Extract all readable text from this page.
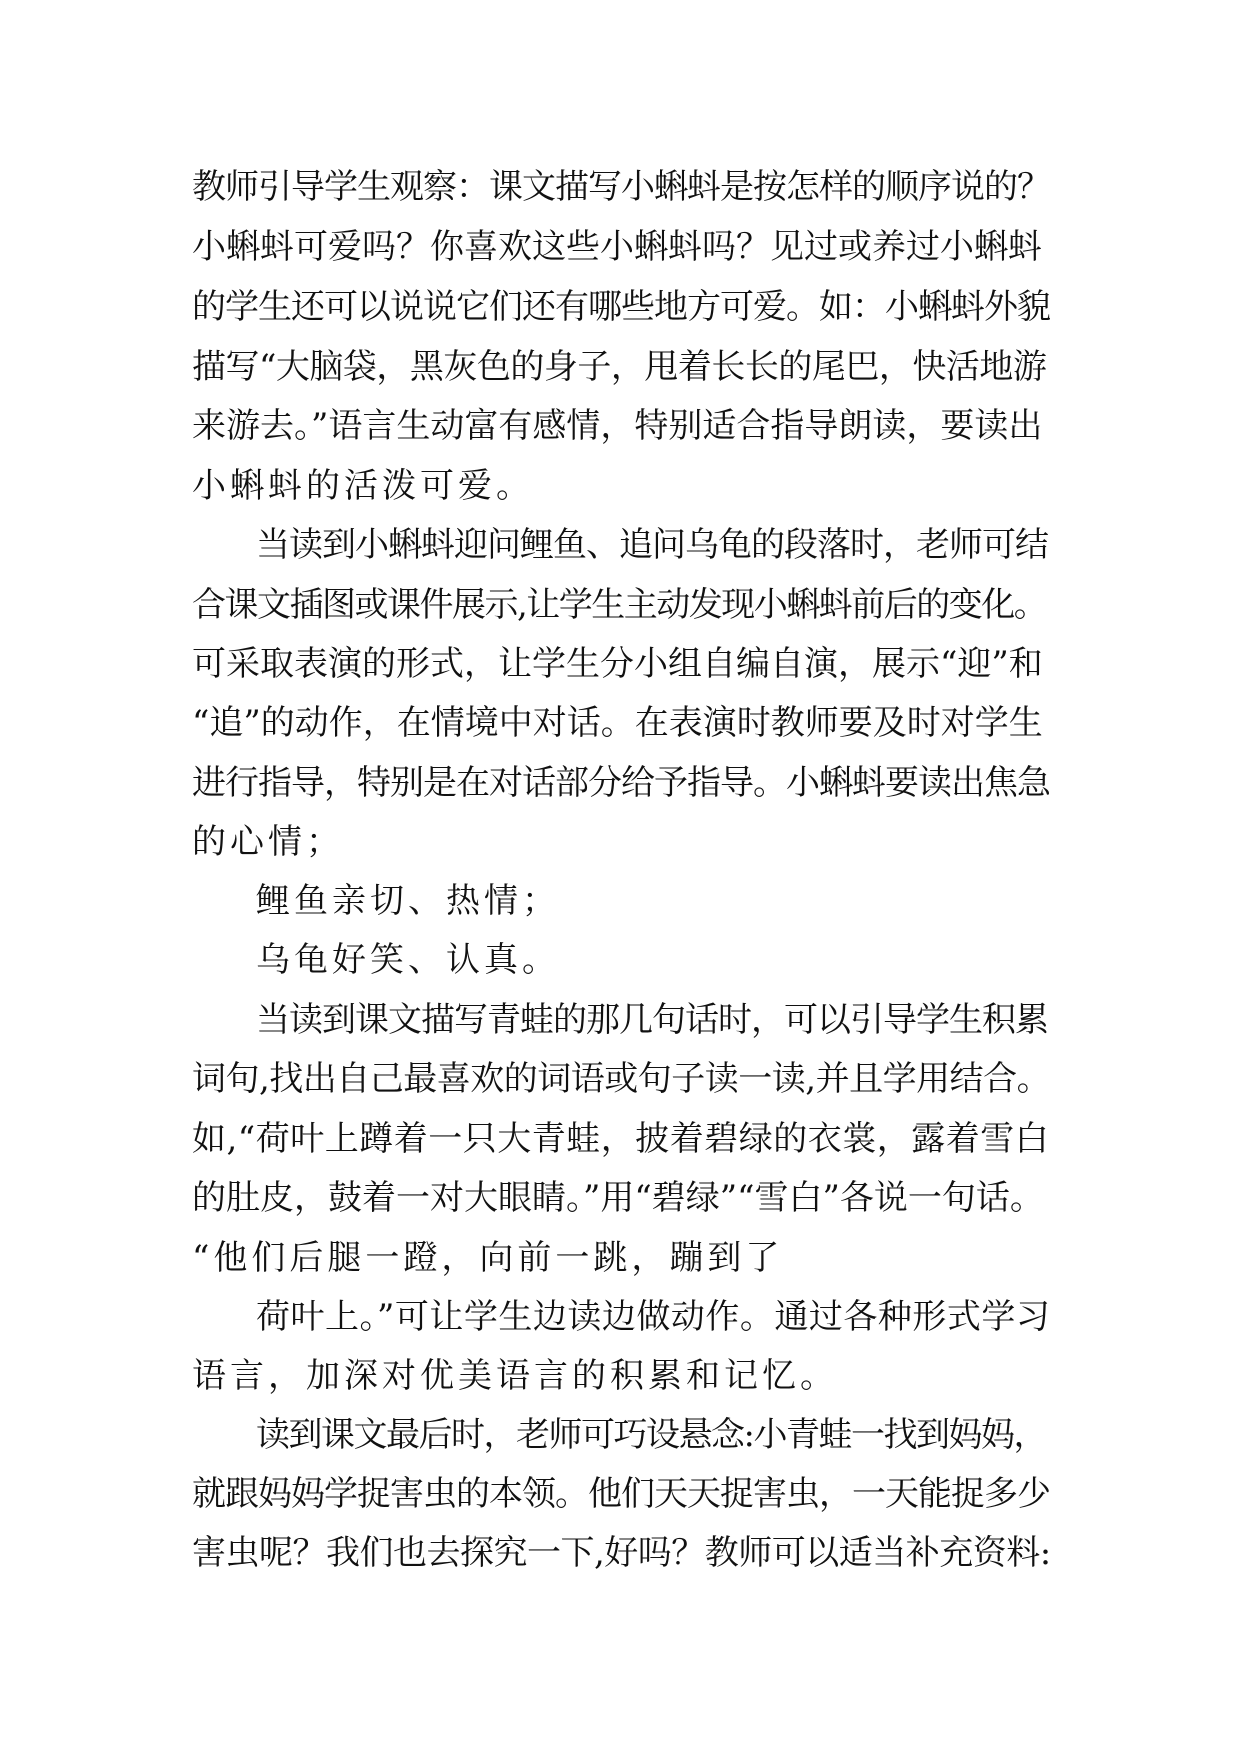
教师引导学生观察：课文描写小蝌蚪是按怎样的顺序说的？
小蝌蚪可爱吗？你喜欢这些小蝌蚪吗？见过或养过小蝌蚪
的学生还可以说说它们还有哪些地方可爱。如：小蝌蚪外貌
描写“大脑袋，黑灰色的身子，甩着长长的尾巴，快活地游
来游去。”语言生动富有感情，特别适合指导朗读，要读出
小蝌蚪的活泼可爱。
当读到小蝌蚪迎问鲤鱼、追问乌龟的段落时，老师可结
合课文插图或课件展示,让学生主动发现小蝌蚪前后的变化。
可采取表演的形式，让学生分小组自编自演，展示“迎”和
“追”的动作，在情境中对话。在表演时教师要及时对学生
进行指导，特别是在对话部分给予指导。小蝌蚪要读出焦急
的心情；
鲤鱼亲切、热情；
乌龟好笑、认真。
当读到课文描写青蛙的那几句话时，可以引导学生积累
词句,找出自己最喜欢的词语或句子读一读,并且学用结合。
如,“荷叶上蹲着一只大青蛙，披着碧绿的衣裳，露着雪白
的肚皮，鼓着一对大眼睛。”用“碧绿”“雪白”各说一句话。
“他们后腿一蹬，向前一跳，蹦到了
荷叶上。”可让学生边读边做动作。通过各种形式学习
语言，加深对优美语言的积累和记忆。
读到课文最后时，老师可巧设悬念:小青蛙一找到妈妈，
就跟妈妈学捉害虫的本领。他们天天捉害虫，一天能捉多少
害虫呢？我们也去探究一下,好吗？教师可以适当补充资料:
